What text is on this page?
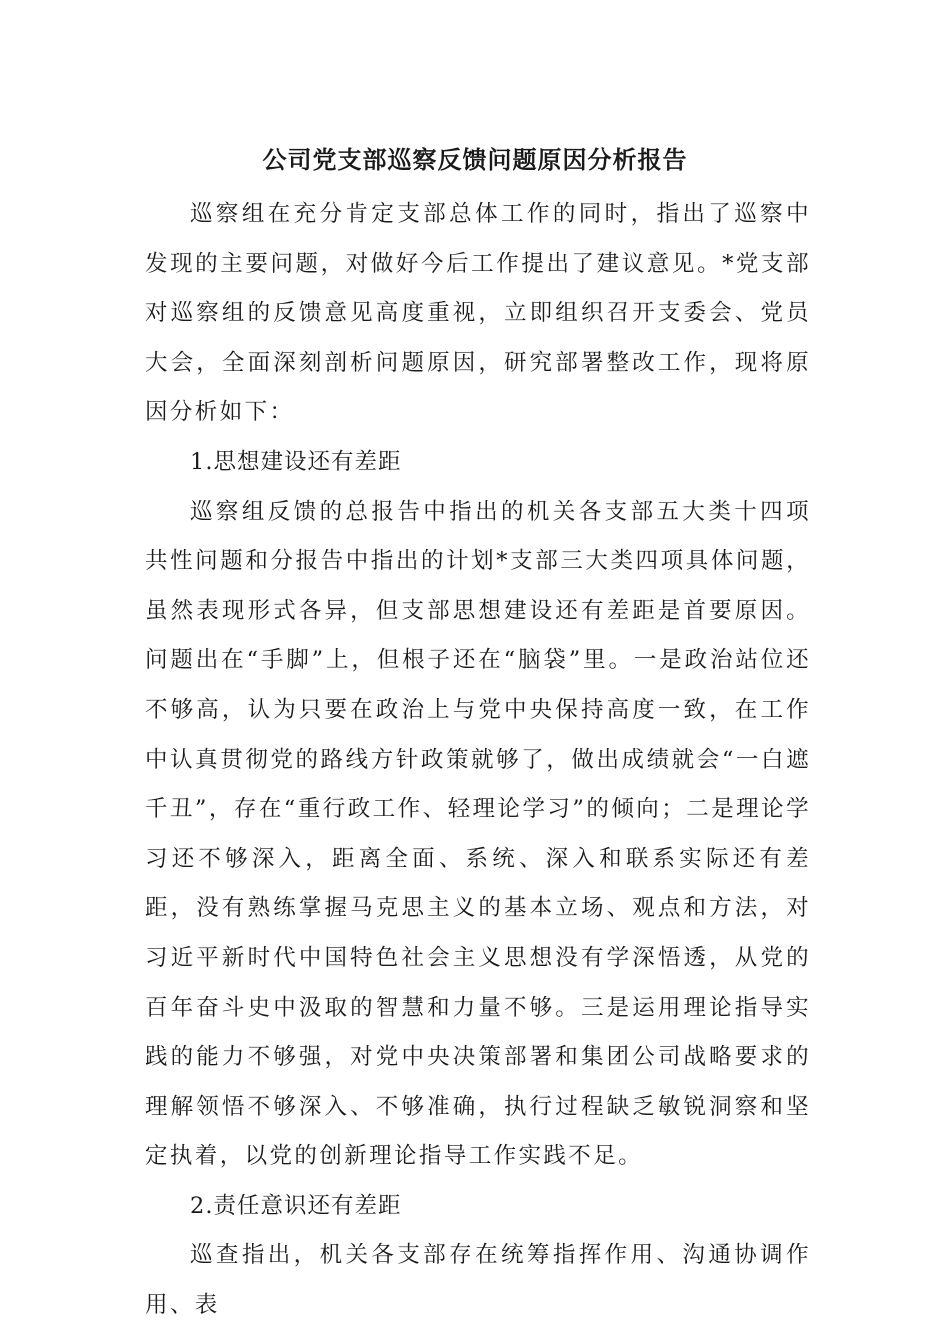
公司党支部巡察反馈问题原因分析报告

巡察组在充分肯定支部总体工作的同时，指出了巡察中发现的主要问题，对做好今后工作提出了建议意见。*党支部对巡察组的反馈意见高度重视，立即组织召开支委会、党员大会，全面深刻剖析问题原因，研究部署整改工作，现将原因分析如下：

1.思想建设还有差距

巡察组反馈的总报告中指出的机关各支部五大类十四项共性问题和分报告中指出的计划*支部三大类四项具体问题，虽然表现形式各异，但支部思想建设还有差距是首要原因。问题出在“手脚”上，但根子还在“脑袋”里。一是政治站位还不够高，认为只要在政治上与党中央保持高度一致，在工作中认真贯彻党的路线方针政策就够了，做出成绩就会“一白遮千丑”，存在“重行政工作、轻理论学习”的倾向；二是理论学习还不够深入，距离全面、系统、深入和联系实际还有差距，没有熟练掌握马克思主义的基本立场、观点和方法，对习近平新时代中国特色社会主义思想没有学深悟透，从党的百年奋斗史中汲取的智慧和力量不够。三是运用理论指导实践的能力不够强，对党中央决策部署和集团公司战略要求的理解领悟不够深入、不够准确，执行过程缺乏敏锐洞察和坚定执着，以党的创新理论指导工作实践不足。

2.责任意识还有差距

巡查指出，机关各支部存在统筹指挥作用、沟通协调作用、表
